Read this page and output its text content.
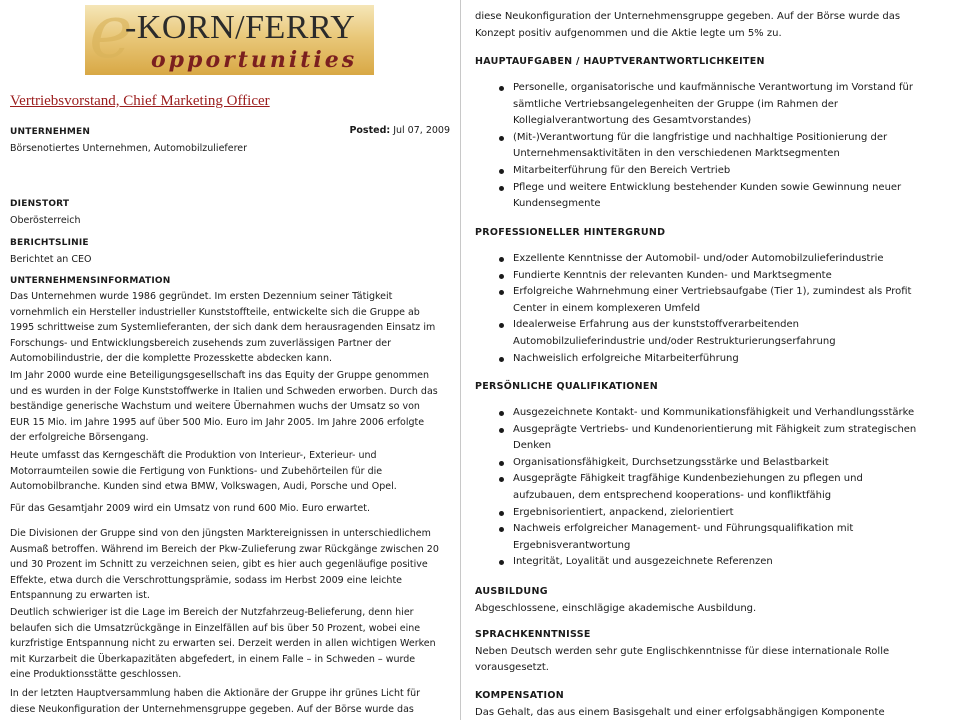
e
-KORN/FERRY
opportunities
Vertriebsvorstand, Chief Marketing Officer
UNTERNEHMEN
Börsenotiertes Unternehmen, Automobilzulieferer
Posted: Jul 07, 2009
DIENSTORT
Oberösterreich
BERICHTSLINIE
Berichtet an CEO
UNTERNEHMENSINFORMATION
Das Unternehmen wurde 1986 gegründet. Im ersten Dezennium seiner Tätigkeit
vornehmlich ein Hersteller industrieller Kunststoffteile, entwickelte sich die Gruppe ab
1995 schrittweise zum Systemlieferanten, der sich dank dem herausragenden Einsatz im
Forschungs- und Entwicklungsbereich zusehends zum zuverlässigen Partner der
Automobilindustrie, der die komplette Prozesskette abdecken kann.
Im Jahr 2000 wurde eine Beteiligungsgesellschaft ins das Equity der Gruppe genommen
und es wurden in der Folge Kunststoffwerke in Italien und Schweden erworben. Durch das
beständige generische Wachstum und weitere Übernahmen wuchs der Umsatz so von
EUR 15 Mio. im Jahre 1995 auf über 500 Mio. Euro im Jahr 2005. Im Jahre 2006 erfolgte
der erfolgreiche Börsengang.
Heute umfasst das Kerngeschäft die Produktion von Interieur-, Exterieur- und
Motorraumteilen sowie die Fertigung von Funktions- und Zubehörteilen für die
Automobilbranche. Kunden sind etwa BMW, Volkswagen, Audi, Porsche und Opel.
Für das Gesamtjahr 2009 wird ein Umsatz von rund 600 Mio. Euro erwartet.
Die Divisionen der Gruppe sind von den jüngsten Marktereignissen in unterschiedlichem
Ausmaß betroffen. Während im Bereich der Pkw-Zulieferung zwar Rückgänge zwischen 20
und 30 Prozent im Schnitt zu verzeichnen seien, gibt es hier auch gegenläufige positive
Effekte, etwa durch die Verschrottungsprämie, sodass im Herbst 2009 eine leichte
Entspannung zu erwarten ist.
Deutlich schwieriger ist die Lage im Bereich der Nutzfahrzeug-Belieferung, denn hier
belaufen sich die Umsatzrückgänge in Einzelfällen auf bis über 50 Prozent, wobei eine
kurzfristige Entspannung nicht zu erwarten sei. Derzeit werden in allen wichtigen Werken
mit Kurzarbeit die Überkapazitäten abgefedert, in einem Falle – in Schweden – wurde
eine Produktionsstätte geschlossen.
In der letzten Hauptversammlung haben die Aktionäre der Gruppe ihr grünes Licht für
diese Neukonfiguration der Unternehmensgruppe gegeben. Auf der Börse wurde das
diese Neukonfiguration der Unternehmensgruppe gegeben. Auf der Börse wurde das
Konzept positiv aufgenommen und die Aktie legte um 5% zu.
HAUPTAUFGABEN / HAUPTVERANTWORTLICHKEITEN
Personelle, organisatorische und kaufmännische Verantwortung im Vorstand für
sämtliche Vertriebsangelegenheiten der Gruppe (im Rahmen der
Kollegialverantwortung des Gesamtvorstandes)
(Mit-)Verantwortung für die langfristige und nachhaltige Positionierung der
Unternehmensaktivitäten in den verschiedenen Marktsegmenten
Mitarbeiterführung für den Bereich Vertrieb
Pflege und weitere Entwicklung bestehender Kunden sowie Gewinnung neuer
Kundensegmente
PROFESSIONELLER HINTERGRUND
Exzellente Kenntnisse der Automobil- und/oder Automobilzulieferindustrie
Fundierte Kenntnis der relevanten Kunden- und Marktsegmente
Erfolgreiche Wahrnehmung einer Vertriebsaufgabe (Tier 1), zumindest als Profit
Center in einem komplexeren Umfeld
Idealerweise Erfahrung aus der kunststoffverarbeitenden
Automobilzulieferindustrie und/oder Restrukturierungserfahrung
Nachweislich erfolgreiche Mitarbeiterführung
PERSÖNLICHE QUALIFIKATIONEN
Ausgezeichnete Kontakt- und Kommunikationsfähigkeit und Verhandlungsstärke
Ausgeprägte Vertriebs- und Kundenorientierung mit Fähigkeit zum strategischen
Denken
Organisationsfähigkeit, Durchsetzungsstärke und Belastbarkeit
Ausgeprägte Fähigkeit tragfähige Kundenbeziehungen zu pflegen und
aufzubauen, dem entsprechend kooperations- und konfliktfähig
Ergebnisorientiert, anpackend, zielorientiert
Nachweis erfolgreicher Management- und Führungsqualifikation mit
Ergebnisverantwortung
Integrität, Loyalität und ausgezeichnete Referenzen
AUSBILDUNG
Abgeschlossene, einschlägige akademische Ausbildung.
SPRACHKENNTNISSE
Neben Deutsch werden sehr gute Englischkenntnisse für diese internationale Rolle
vorausgesetzt.
KOMPENSATION
Das Gehalt, das aus einem Basisgehalt und einer erfolgsabhängigen Komponente
